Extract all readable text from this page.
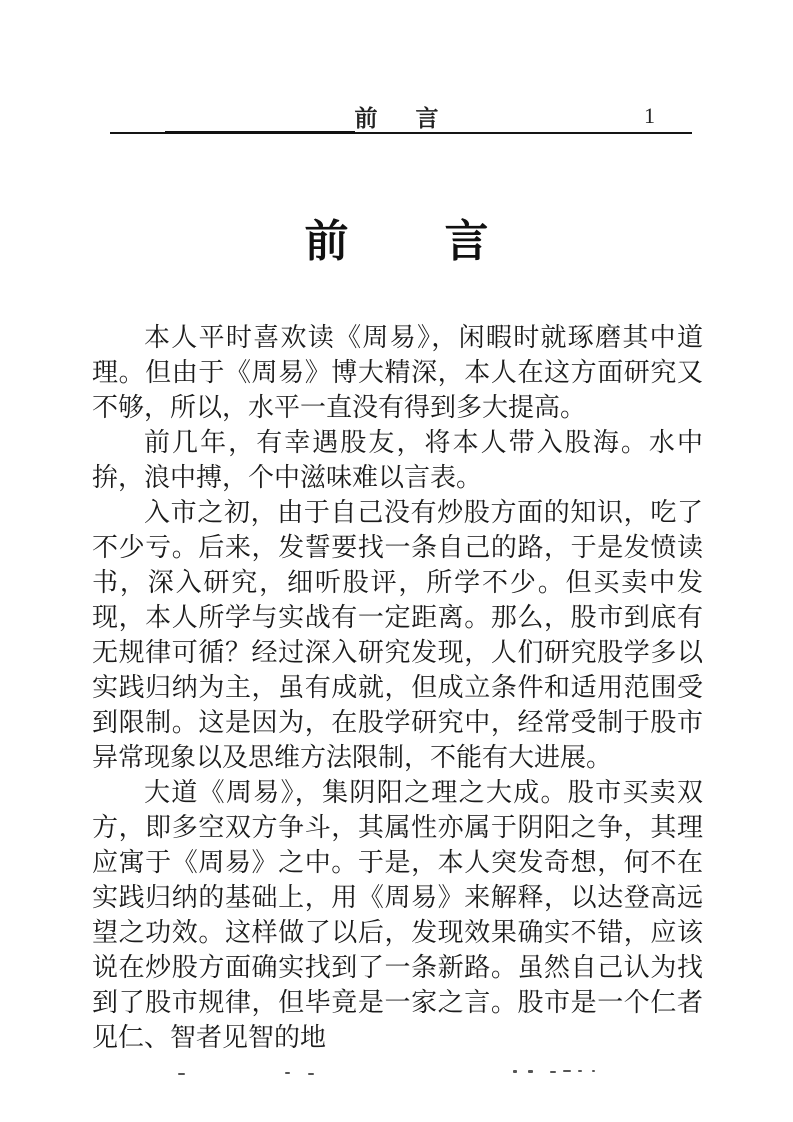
前 言	1
前 言

本人平时喜欢读《周易》，闲暇时就琢磨其中道理。但由于《周易》博大精深，本人在这方面研究又不够，所以，水平一直没有得到多大提高。

前几年，有幸遇股友，将本人带入股海。水中拚，浪中搏，个中滋味难以言表。

入市之初，由于自己没有炒股方面的知识，吃了不少亏。后来，发誓要找一条自己的路，于是发愤读书，深入研究，细听股评，所学不少。但买卖中发现，本人所学与实战有一定距离。那么，股市到底有无规律可循？经过深入研究发现，人们研究股学多以实践归纳为主，虽有成就，但成立条件和适用范围受到限制。这是因为，在股学研究中，经常受制于股市异常现象以及思维方法限制，不能有大进展。

大道《周易》，集阴阳之理之大成。股市买卖双方，即多空双方争斗，其属性亦属于阴阳之争，其理应寓于《周易》之中。于是，本人突发奇想，何不在实践归纳的基础上，用《周易》来解释，以达登高远望之功效。这样做了以后，发现效果确实不错，应该说在炒股方面确实找到了一条新路。虽然自己认为找到了股市规律，但毕竟是一家之言。股市是一个仁者见仁、智者见智的地
